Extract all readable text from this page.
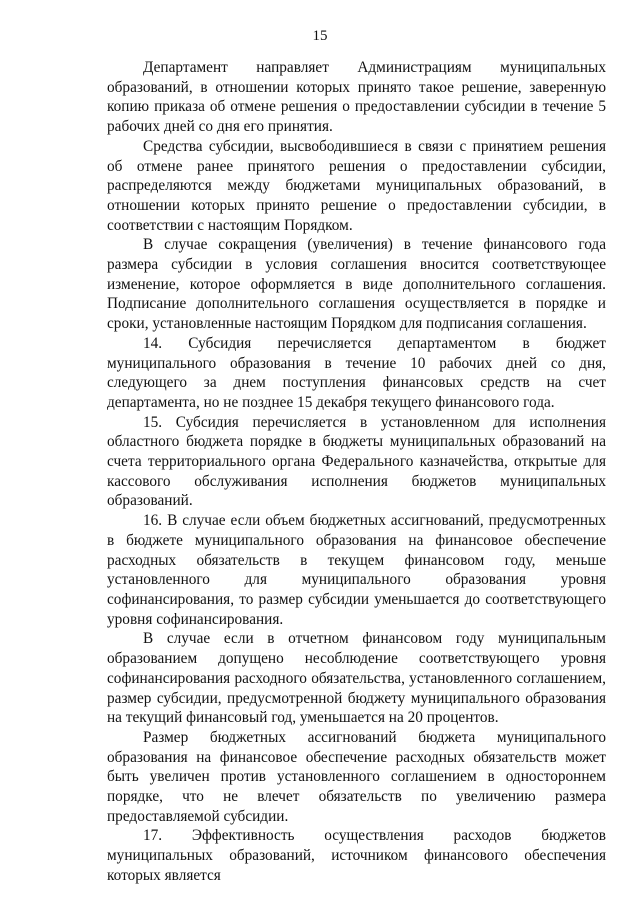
15

Департамент направляет Администрациям муниципальных образований, в отношении которых принято такое решение, заверенную копию приказа об отмене решения о предоставлении субсидии в течение 5 рабочих дней со дня его принятия.

Средства субсидии, высвободившиеся в связи с принятием решения об отмене ранее принятого решения о предоставлении субсидии, распределяются между бюджетами муниципальных образований, в отношении которых принято решение о предоставлении субсидии, в соответствии с настоящим Порядком.

В случае сокращения (увеличения) в течение финансового года размера субсидии в условия соглашения вносится соответствующее изменение, которое оформляется в виде дополнительного соглашения. Подписание дополнительного соглашения осуществляется в порядке и сроки, установленные настоящим Порядком для подписания соглашения.

14. Субсидия перечисляется департаментом в бюджет муниципального образования в течение 10 рабочих дней со дня, следующего за днем поступления финансовых средств на счет департамента, но не позднее 15 декабря текущего финансового года.

15. Субсидия перечисляется в установленном для исполнения областного бюджета порядке в бюджеты муниципальных образований на счета территориального органа Федерального казначейства, открытые для кассового обслуживания исполнения бюджетов муниципальных образований.

16. В случае если объем бюджетных ассигнований, предусмотренных в бюджете муниципального образования на финансовое обеспечение расходных обязательств в текущем финансовом году, меньше установленного для муниципального образования уровня софинансирования, то размер субсидии уменьшается до соответствующего уровня софинансирования.

В случае если в отчетном финансовом году муниципальным образованием допущено несоблюдение соответствующего уровня софинансирования расходного обязательства, установленного соглашением, размер субсидии, предусмотренной бюджету муниципального образования на текущий финансовый год, уменьшается на 20 процентов.

Размер бюджетных ассигнований бюджета муниципального образования на финансовое обеспечение расходных обязательств может быть увеличен против установленного соглашением в одностороннем порядке, что не влечет обязательств по увеличению размера предоставляемой субсидии.

17. Эффективность осуществления расходов бюджетов муниципальных образований, источником финансового обеспечения которых является
